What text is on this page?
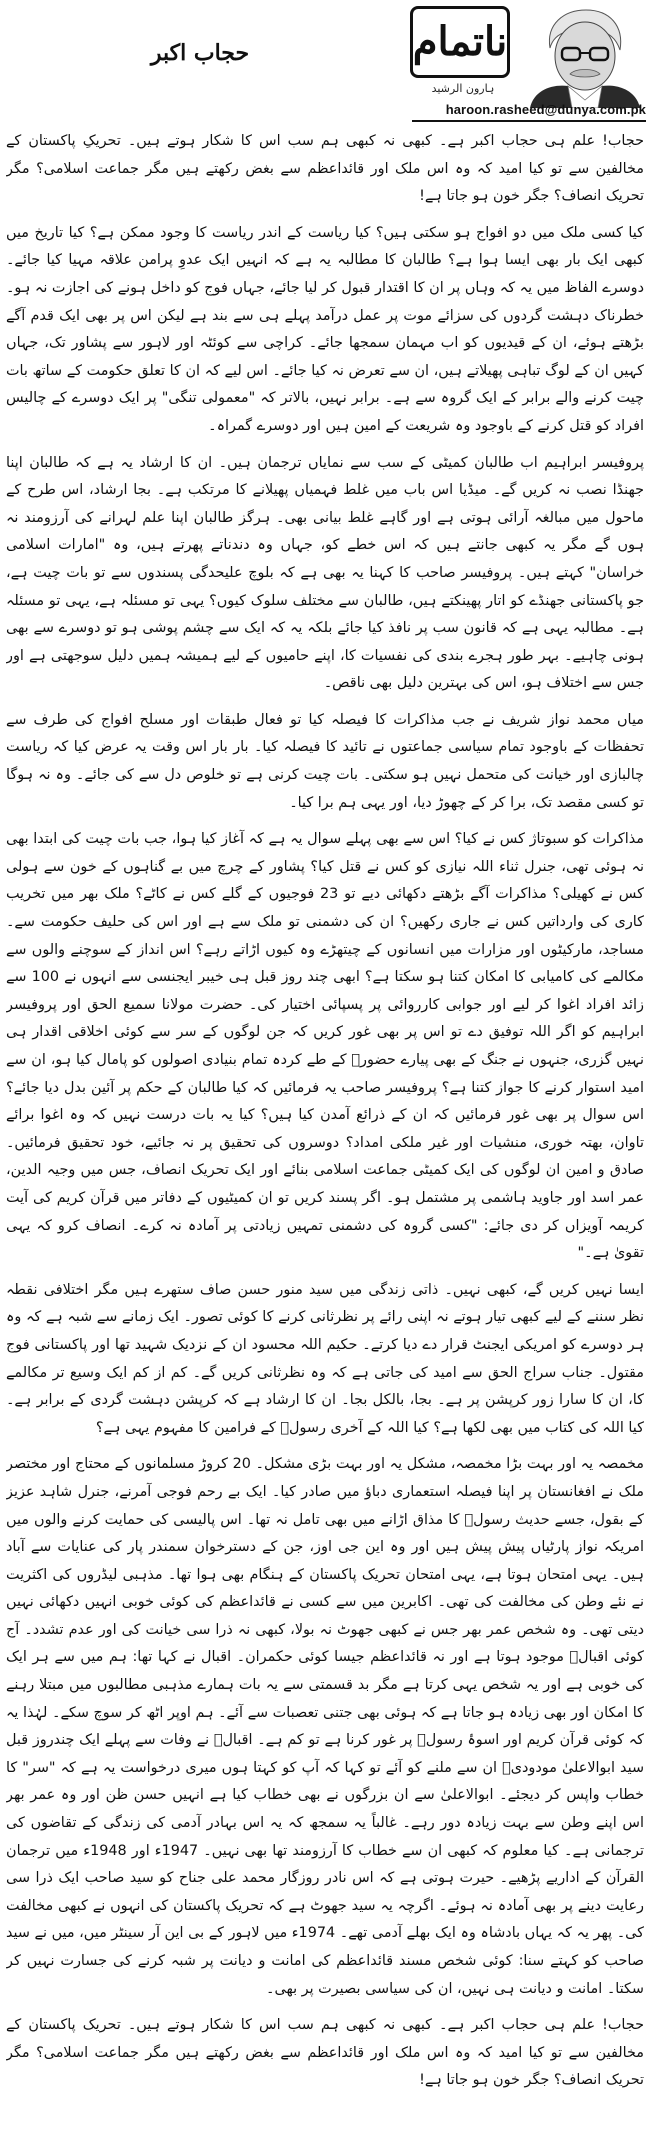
ناتمام
ہارون الرشید
haroon.rasheed@dunya.com.pk
حجاب اکبر

حجاب! علم ہی حجاب اکبر ہے۔ کبھی نہ کبھی ہم سب اس کا شکار ہوتے ہیں۔ تحریکِ پاکستان کے مخالفین سے تو کیا امید کہ وہ اس ملک اور قائداعظم سے بغض رکھتے ہیں مگر جماعت اسلامی؟ مگر تحریک انصاف؟ جگر خون ہو جاتا ہے!

کیا کسی ملک میں دو افواج ہو سکتی ہیں؟ کیا ریاست کے اندر ریاست کا وجود ممکن ہے؟ کیا تاریخ میں کبھی ایک بار بھی ایسا ہوا ہے؟ طالبان کا مطالبہ یہ ہے کہ انہیں ایک عدوِ پرامن علاقہ مہیا کیا جائے۔ دوسرے الفاظ میں یہ کہ وہاں پر ان کا اقتدار قبول کر لیا جائے، جہاں فوج کو داخل ہونے کی اجازت نہ ہو۔ خطرناک دہشت گردوں کی سزائے موت پر عمل درآمد پہلے ہی سے بند ہے لیکن اس پر بھی ایک قدم آگے بڑھتے ہوئے، ان کے قیدیوں کو اب مہمان سمجھا جائے۔ کراچی سے کوئٹہ اور لاہور سے پشاور تک، جہاں کہیں ان کے لوگ تباہی پھیلاتے ہیں، ان سے تعرض نہ کیا جائے۔ اس لیے کہ ان کا تعلق حکومت کے ساتھ بات چیت کرنے والے برابر کے ایک گروہ سے ہے۔ برابر نہیں، بالاتر کہ "معمولی تنگی" پر ایک دوسرے کے چالیس افراد کو قتل کرنے کے باوجود وہ شریعت کے امین ہیں اور دوسرے گمراہ۔

پروفیسر ابراہیم اب طالبان کمیٹی کے سب سے نمایاں ترجمان ہیں۔ ان کا ارشاد یہ ہے کہ طالبان اپنا جھنڈا نصب نہ کریں گے۔ میڈیا اس باب میں غلط فہمیاں پھیلانے کا مرتکب ہے۔ بجا ارشاد، اس طرح کے ماحول میں مبالغہ آرائی ہوتی ہے اور گاہے غلط بیانی بھی۔ ہرگز طالبان اپنا علم لہرانے کی آرزومند نہ ہوں گے مگر یہ کبھی جانتے ہیں کہ اس خطے کو، جہاں وہ دندناتے پھرتے ہیں، وہ "امارات اسلامی خراسان" کہتے ہیں۔ پروفیسر صاحب کا کہنا یہ بھی ہے کہ بلوچ علیحدگی پسندوں سے تو بات چیت ہے، جو پاکستانی جھنڈے کو اتار پھینکتے ہیں، طالبان سے مختلف سلوک کیوں؟ یہی تو مسئلہ ہے، یہی تو مسئلہ ہے۔ مطالبہ یہی ہے کہ قانون سب پر نافذ کیا جائے بلکہ یہ کہ ایک سے چشم پوشی ہو تو دوسرے سے بھی ہونی چاہیے۔ بہر طور ہجرے بندی کی نفسیات کا، اپنے حامیوں کے لیے ہمیشہ ہمیں دلیل سوجھتی ہے اور جس سے اختلاف ہو، اس کی بہترین دلیل بھی ناقص۔

میاں محمد نواز شریف نے جب مذاکرات کا فیصلہ کیا تو فعال طبقات اور مسلح افواج کی طرف سے تحفظات کے باوجود تمام سیاسی جماعتوں نے تائید کا فیصلہ کیا۔ بار بار اس وقت یہ عرض کیا کہ ریاست چالبازی اور خیانت کی متحمل نہیں ہو سکتی۔ بات چیت کرنی ہے تو خلوص دل سے کی جائے۔ وہ نہ ہوگا تو کسی مقصد تک، برا کر کے چھوڑ دیا، اور یہی ہم برا کیا۔

مذاکرات کو سبوتاژ کس نے کیا؟ اس سے بھی پہلے سوال یہ ہے کہ آغاز کیا ہوا، جب بات چیت کی ابتدا بھی نہ ہوئی تھی، جنرل ثناء اللہ نیازی کو کس نے قتل کیا؟ پشاور کے چرچ میں بے گناہوں کے خون سے ہولی کس نے کھیلی؟ مذاکرات آگے بڑھتے دکھائی دیے تو 23 فوجیوں کے گلے کس نے کاٹے؟ ملک بھر میں تخریب کاری کی وارداتیں کس نے جاری رکھیں؟ ان کی دشمنی تو ملک سے ہے اور اس کی حلیف حکومت سے۔ مساجد، مارکیٹوں اور مزارات میں انسانوں کے چیتھڑے وہ کیوں اڑاتے رہے؟ اس انداز کے سوچنے والوں سے مکالمے کی کامیابی کا امکان کتنا ہو سکتا ہے؟ ابھی چند روز قبل ہی خیبر ایجنسی سے انہوں نے 100 سے زائد افراد اغوا کر لیے اور جوابی کارروائی پر پسپائی اختیار کی۔ حضرت مولانا سمیع الحق اور پروفیسر ابراہیم کو اگر اللہ توفیق دے تو اس پر بھی غور کریں کہ جن لوگوں کے سر سے کوئی اخلاقی اقدار ہی نہیں گزری، جنہوں نے جنگ کے بھی پیارے حضورؐ کے طے کردہ تمام بنیادی اصولوں کو پامال کیا ہو، ان سے امید استوار کرنے کا جواز کتنا ہے؟ پروفیسر صاحب یہ فرمائیں کہ کیا طالبان کے حکم پر آئین بدل دیا جائے؟ اس سوال پر بھی غور فرمائیں کہ ان کے ذرائع آمدن کیا ہیں؟ کیا یہ بات درست نہیں کہ وہ اغوا برائے تاوان، بھتہ خوری، منشیات اور غیر ملکی امداد؟ دوسروں کی تحقیق پر نہ جائیے، خود تحقیق فرمائیں۔ صادق و امین ان لوگوں کی ایک کمیٹی جماعت اسلامی بنائے اور ایک تحریک انصاف، جس میں وجیہ الدین، عمر اسد اور جاوید ہاشمی پر مشتمل ہو۔ اگر پسند کریں تو ان کمیٹیوں کے دفاتر میں قرآن کریم کی آیت کریمہ آویزاں کر دی جائے: "کسی گروہ کی دشمنی تمہیں زیادتی پر آمادہ نہ کرے۔ انصاف کرو کہ یہی تقویٰ ہے۔"

ایسا نہیں کریں گے، کبھی نہیں۔ ذاتی زندگی میں سید منور حسن صاف ستھرے ہیں مگر اختلافی نقطہ نظر سننے کے لیے کبھی تیار ہوتے نہ اپنی رائے پر نظرثانی کرنے کا کوئی تصور۔ ایک زمانے سے شبہ ہے کہ وہ ہر دوسرے کو امریکی ایجنٹ قرار دے دیا کرتے۔ حکیم اللہ محسود ان کے نزدیک شہید تھا اور پاکستانی فوج مقتول۔ جناب سراج الحق سے امید کی جاتی ہے کہ وہ نظرثانی کریں گے۔ کم از کم ایک وسیع تر مکالمے کا، ان کا سارا زور کرپشن پر ہے۔ بجا، بالکل بجا۔ ان کا ارشاد ہے کہ کرپشن دہشت گردی کے برابر ہے۔ کیا اللہ کی کتاب میں بھی لکھا ہے؟ کیا اللہ کے آخری رسولؐ کے فرامین کا مفہوم یہی ہے؟

مخمصہ یہ اور بہت بڑا مخمصہ، مشکل یہ اور بہت بڑی مشکل۔ 20 کروڑ مسلمانوں کے محتاج اور مختصر ملک نے افغانستان پر اپنا فیصلہ استعماری دباؤ میں صادر کیا۔ ایک بے رحم فوجی آمرنے، جنرل شاہد عزیز کے بقول، جسے حدیث رسولؐ کا مذاق اڑانے میں بھی تامل نہ تھا۔ اس پالیسی کی حمایت کرنے والوں میں امریکہ نواز پارٹیاں پیش پیش ہیں اور وہ این جی اوز، جن کے دسترخوان سمندر پار کی عنایات سے آباد ہیں۔ یہی امتحان ہوتا ہے، یہی امتحان تحریک پاکستان کے ہنگام بھی ہوا تھا۔ مذہبی لیڈروں کی اکثریت نے نئے وطن کی مخالفت کی تھی۔ اکابرین میں سے کسی نے قائداعظم کی کوئی خوبی انہیں دکھائی نہیں دیتی تھی۔ وہ شخص عمر بھر جس نے کبھی جھوٹ نہ بولا، کبھی نہ ذرا سی خیانت کی اور عدم تشدد۔ آج کوئی اقبالؒ موجود ہوتا ہے اور نہ قائداعظم جیسا کوئی حکمران۔ اقبال نے کہا تھا: ہم میں سے ہر ایک کی خوبی ہے اور یہ شخص یہی کرتا ہے مگر بد قسمتی سے یہ بات ہمارے مذہبی مطالبوں میں مبتلا رہنے کا امکان اور بھی زیادہ ہو جاتا ہے کہ ہوئی بھی جتنی تعصبات سے آئے۔ ہم اوپر اٹھ کر سوچ سکے۔ لہٰذا یہ کہ کوئی قرآن کریم اور اسوۂ رسولؐ پر غور کرنا ہے تو کم ہے۔ اقبالؒ نے وفات سے پہلے ایک چندروز قبل سید ابوالاعلیٰ مودودیؒ ان سے ملنے کو آئے تو کہا کہ آپ کو کہتا ہوں میری درخواست یہ ہے کہ "سر" کا خطاب واپس کر دیجئے۔ ابوالاعلیٰ سے ان بزرگوں نے بھی خطاب کیا ہے انہیں حسن ظن اور وہ عمر بھر اس اپنے وطن سے بہت زیادہ دور رہے۔ غالباً یہ سمجھ کہ یہ اس بہادر آدمی کی زندگی کے تقاضوں کی ترجمانی ہے۔ کیا معلوم کہ کبھی ان سے خطاب کا آرزومند تھا بھی نہیں۔ 1947ء اور 1948ء میں ترجمان القرآن کے اداریے پڑھیے۔ حیرت ہوتی ہے کہ اس نادر روزگار محمد علی جناح کو سید صاحب ایک ذرا سی رعایت دینے پر بھی آمادہ نہ ہوئے۔ اگرچہ یہ سید جھوٹ ہے کہ تحریک پاکستان کی انہوں نے کبھی مخالفت کی۔ پھر یہ کہ یہاں بادشاہ وہ ایک بھلے آدمی تھے۔ 1974ء میں لاہور کے بی این آر سینٹر میں، میں نے سید صاحب کو کہتے سنا: کوئی شخص مسند قائداعظم کی امانت و دیانت پر شبہ کرنے کی جسارت نہیں کر سکتا۔ امانت و دیانت ہی نہیں، ان کی سیاسی بصیرت پر بھی۔

حجاب! علم ہی حجاب اکبر ہے۔ کبھی نہ کبھی ہم سب اس کا شکار ہوتے ہیں۔ تحریک پاکستان کے مخالفین سے تو کیا امید کہ وہ اس ملک اور قائداعظم سے بغض رکھتے ہیں مگر جماعت اسلامی؟ مگر تحریک انصاف؟ جگر خون ہو جاتا ہے!
